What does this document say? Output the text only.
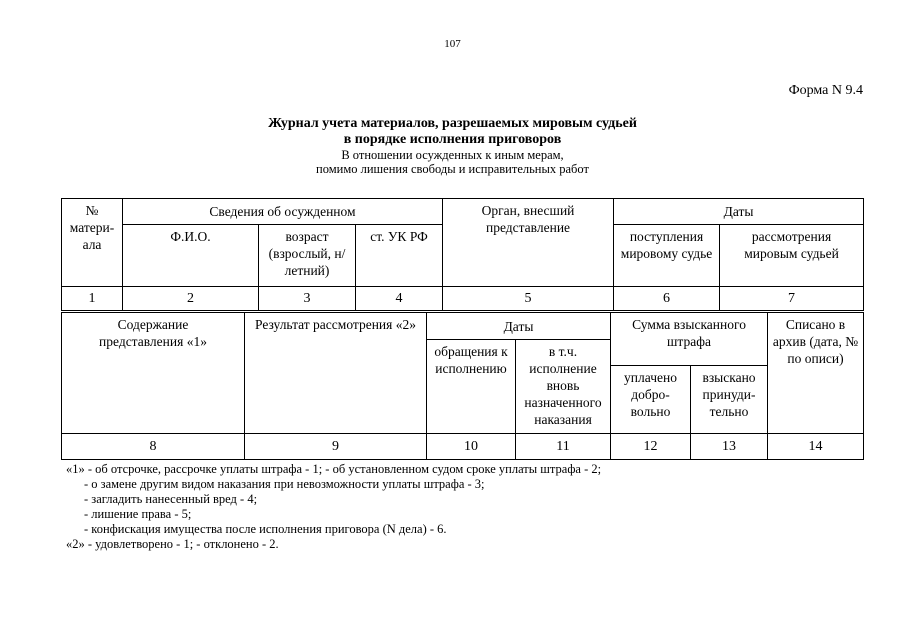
107
Форма N 9.4
Журнал учета материалов, разрешаемых мировым судьей
в порядке исполнения приговоров
В отношении осужденных к иным мерам,
помимо лишения свободы и исправительных работ
№ матери-ала	Сведения об осужденном			Орган, внесший представление	Даты	
	Ф.И.О.	возраст (взрослый, н/летний)	ст. УК РФ		поступления мировому судье	рассмотрения мировым судьей
1	2	3	4	5	6	7
Содержание представления «1»	Результат рассмотрения «2»	Даты		Сумма взысканного штрафа		Списано в архив (дата, № по описи)
		обращения к исполнению	в т.ч. исполнение вновь назначенного наказания			
				уплачено добро-вольно	взыскано принуди-тельно	
8	9	10	11	12	13	14
«1» - об отсрочке, рассрочке уплаты штрафа - 1; - об установленном судом сроке уплаты штрафа - 2;
- о замене другим видом наказания при невозможности уплаты штрафа - 3;
- загладить нанесенный вред - 4;
- лишение права - 5;
- конфискация имущества после исполнения приговора (N дела) - 6.
«2» - удовлетворено - 1; - отклонено - 2.
